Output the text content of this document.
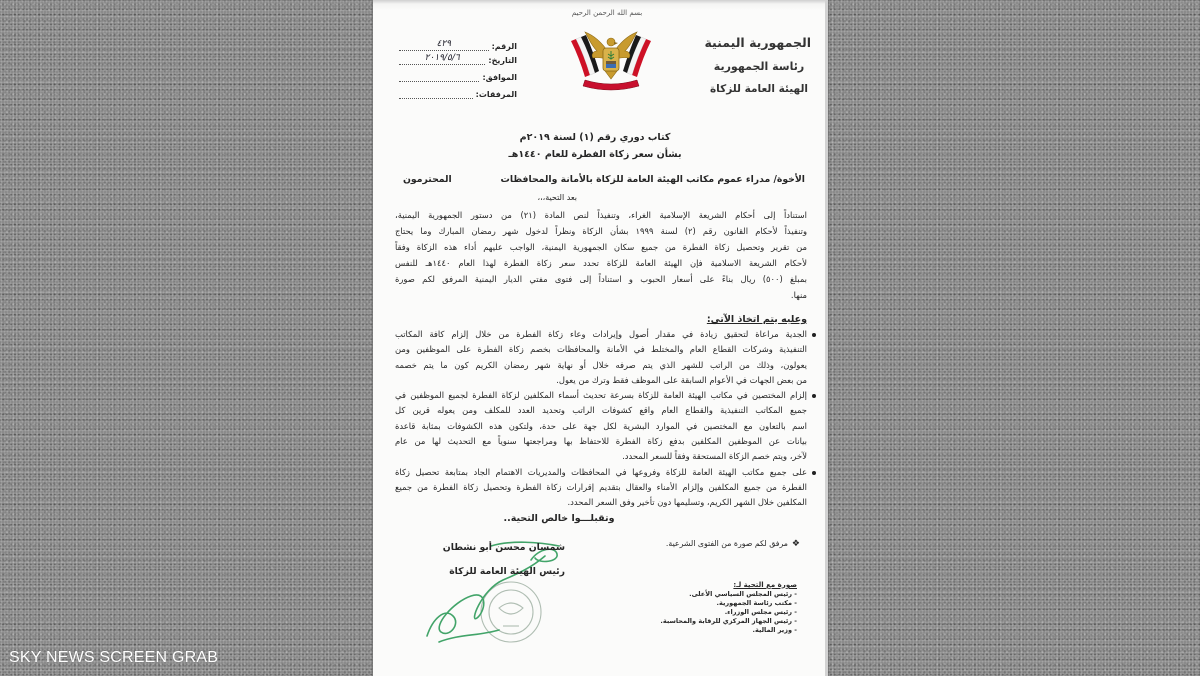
الجمهورية اليمنية
رئاسة الجمهورية
الهيئة العامة للزكاة
بسم الله الرحمن الرحيم
الرقم:
٤٢٩
التاريخ:
٢٠١٩/٥/٦
الموافق:
المرفقات:
كتاب دوري رقم (١) لسنة ٢٠١٩م
بشأن سعر زكاة الفطرة للعام ١٤٤٠هـ
الأخوة/ مدراء عموم مكاتب الهيئة العامة للزكاة بالأمانة والمحافظات
المحترمون
بعد التحية،،،
استناداً إلى أحكام الشريعة الإسلامية الغراء، وتنفيذاً لنص المادة (٢١) من دستور الجمهورية اليمنية،
وتنفيذاً لأحكام القانون رقم (٢) لسنة ١٩٩٩ بشأن الزكاة ونظراً لدخول شهر رمضان المبارك وما يحتاج
من تقرير وتحصيل زكاة الفطرة من جميع سكان الجمهورية اليمنية، الواجب عليهم أداء هذه الزكاة وفقاً
لأحكام الشريعة الاسلامية فإن الهيئة العامة للزكاة تحدد سعر زكاة الفطرة لهذا العام ١٤٤٠هـ للنفس
بمبلغ (٥٠٠) ريال بناءً على أسعار الحبوب و استناداً إلى فتوى مفتي الديار اليمنية المرفق لكم صورة
منها.
وعليه يتم اتخاذ الآتي:
الجدية مراعاة لتحقيق زيادة في مقدار أصول وإيرادات وعاء زكاة الفطرة من خلال إلزام كافة المكاتب
التنفيذية وشركات القطاع العام والمختلط في الأمانة والمحافظات بخصم زكاة الفطرة على الموظفين ومن
يعولون، وذلك من الراتب للشهر الذي يتم صرفه خلال أو نهاية شهر رمضان الكريم كون ما يتم خصمه
من بعض الجهات في الأعوام السابقة على الموظف فقط وترك من يعول.
إلزام المختصين في مكاتب الهيئة العامة للزكاة بسرعة تحديث أسماء المكلفين لزكاة الفطرة لجميع الموظفين في
جميع المكاتب التنفيذية والقطاع العام واقع كشوفات الراتب وتحديد العدد للمكلف ومن يعوله قرين كل
اسم بالتعاون مع المختصين في الموارد البشرية لكل جهة على حدة، ولتكون هذه الكشوفات بمثابة قاعدة
بيانات عن الموظفين المكلفين بدفع زكاة الفطرة للاحتفاظ بها ومراجعتها سنوياً مع التحديث لها من عام
لآخر، ويتم خصم الزكاة المستحقة وفقاً للسعر المحدد.
على جميع مكاتب الهيئة العامة للزكاة وفروعها في المحافظات والمديريات الاهتمام الجاد بمتابعة تحصيل زكاة
الفطرة من جميع المكلفين وإلزام الأمناء والعقال بتقديم إقرارات زكاة الفطرة وتحصيل زكاة الفطرة من جميع
المكلفين خلال الشهر الكريم، وتسليمها دون تأخير وفق السعر المحدد.
وتقبلـــوا خالص التحية..
❖
مرفق لكم صورة من الفتوى الشرعية.
شمسان محسن أبو نشطان
رئيس الهيئة العامة للزكاة
صورة مع التحية لـ:
- رئيس المجلس السياسي الأعلى.
- مكتب رئاسة الجمهورية.
- رئيس مجلس الوزراء.
- رئيس الجهاز المركزي للرقابة والمحاسبة.
- وزير المالية.
SKY NEWS SCREEN GRAB
